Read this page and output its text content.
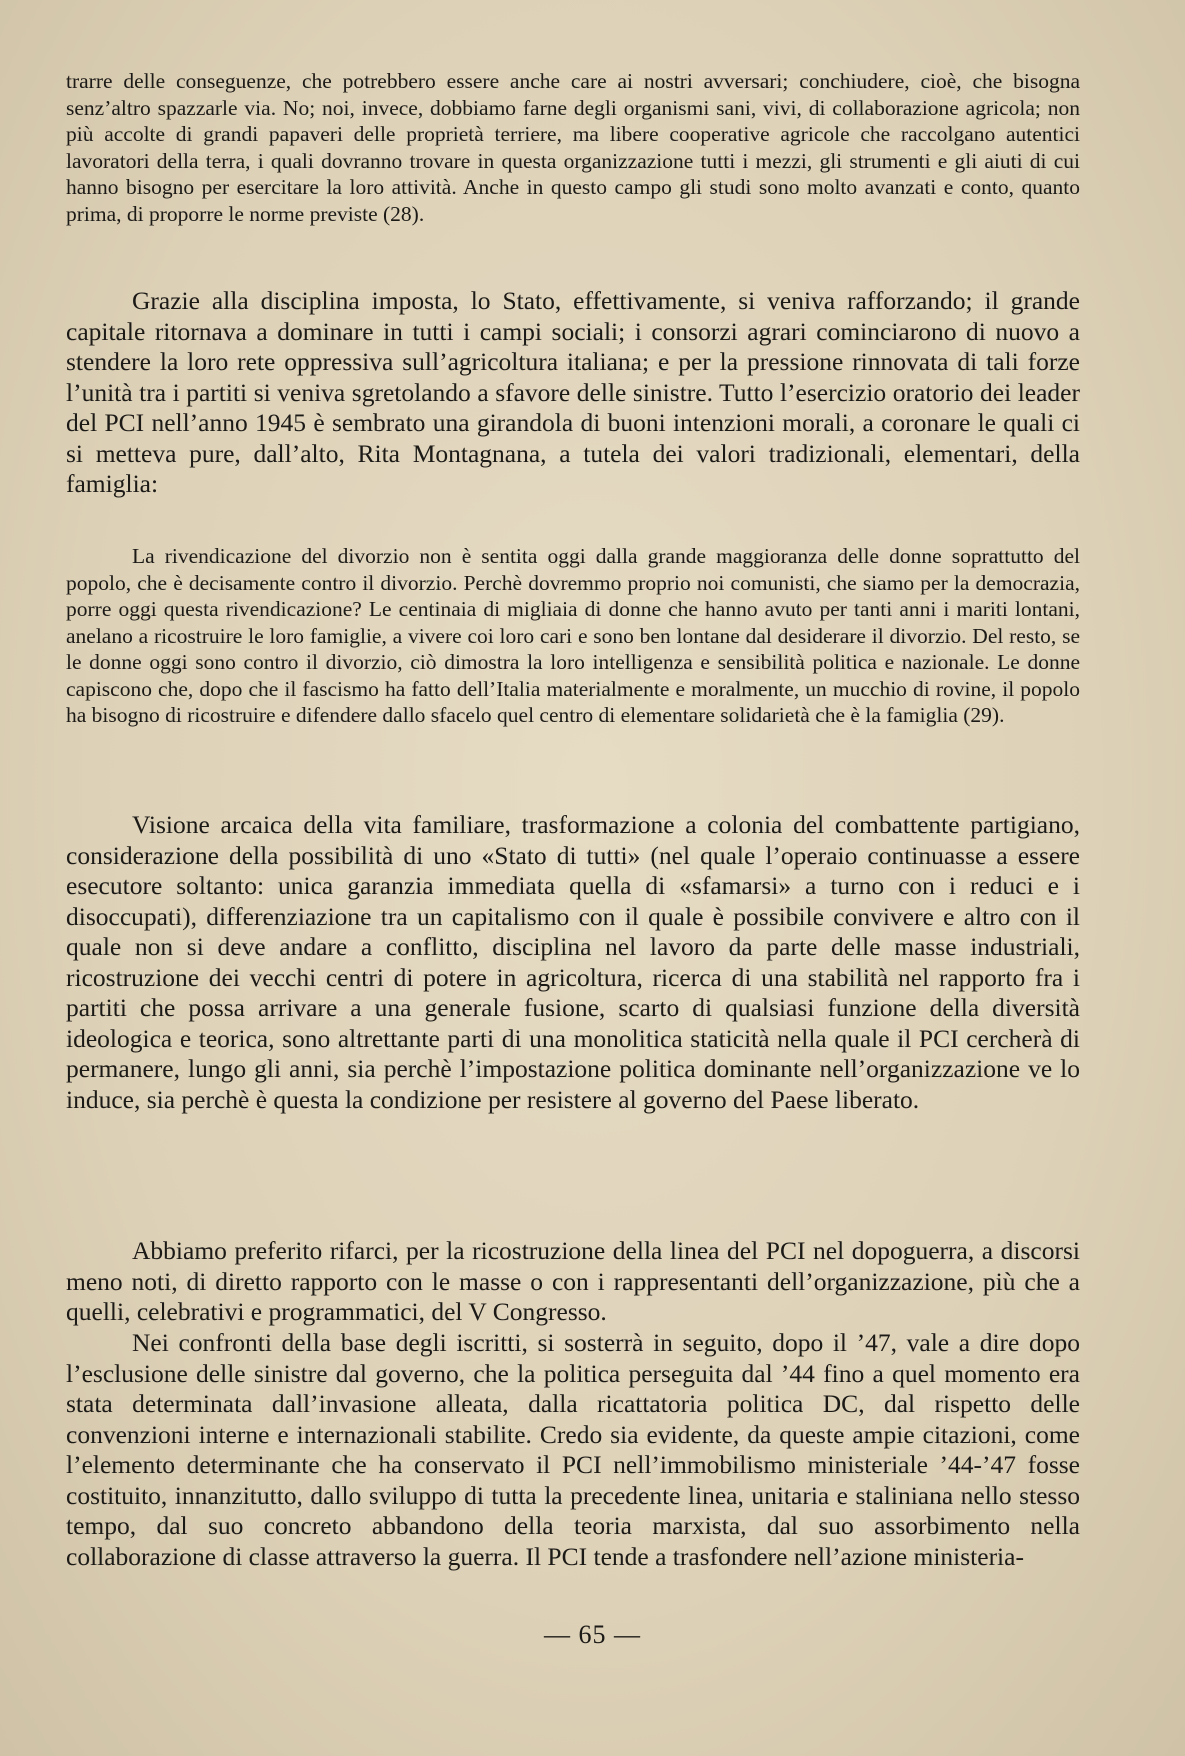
trarre delle conseguenze, che potrebbero essere anche care ai nostri avversari; conchiudere, cioè, che bisogna senz’altro spazzarle via. No; noi, invece, dobbiamo farne degli organismi sani, vivi, di collaborazione agricola; non più accolte di grandi papaveri delle proprietà terriere, ma libere cooperative agricole che raccolgano autentici lavoratori della terra, i quali dovranno trovare in questa organizzazione tutti i mezzi, gli strumenti e gli aiuti di cui hanno bisogno per esercitare la loro attività. Anche in questo campo gli studi sono molto avanzati e conto, quanto prima, di proporre le norme previste (28).

Grazie alla disciplina imposta, lo Stato, effettivamente, si veniva rafforzando; il grande capitale ritornava a dominare in tutti i campi sociali; i consorzi agrari cominciarono di nuovo a stendere la loro rete oppressiva sull’agricoltura italiana; e per la pressione rinnovata di tali forze l’unità tra i partiti si veniva sgretolando a sfavore delle sinistre. Tutto l’esercizio oratorio dei leader del PCI nell’anno 1945 è sembrato una girandola di buoni intenzioni morali, a coronare le quali ci si metteva pure, dall’alto, Rita Montagnana, a tutela dei valori tradizionali, elementari, della famiglia:

La rivendicazione del divorzio non è sentita oggi dalla grande maggioranza delle donne soprattutto del popolo, che è decisamente contro il divorzio. Perchè dovremmo proprio noi comunisti, che siamo per la democrazia, porre oggi questa rivendicazione? Le centinaia di migliaia di donne che hanno avuto per tanti anni i mariti lontani, anelano a ricostruire le loro famiglie, a vivere coi loro cari e sono ben lontane dal desiderare il divorzio. Del resto, se le donne oggi sono contro il divorzio, ciò dimostra la loro intelligenza e sensibilità politica e nazionale. Le donne capiscono che, dopo che il fascismo ha fatto dell’Italia materialmente e moralmente, un mucchio di rovine, il popolo ha bisogno di ricostruire e difendere dallo sfacelo quel centro di elementare solidarietà che è la famiglia (29).

Visione arcaica della vita familiare, trasformazione a colonia del combattente partigiano, considerazione della possibilità di uno «Stato di tutti» (nel quale l’operaio continuasse a essere esecutore soltanto: unica garanzia immediata quella di «sfamarsi» a turno con i reduci e i disoccupati), differenziazione tra un capitalismo con il quale è possibile convivere e altro con il quale non si deve andare a conflitto, disciplina nel lavoro da parte delle masse industriali, ricostruzione dei vecchi centri di potere in agricoltura, ricerca di una stabilità nel rapporto fra i partiti che possa arrivare a una generale fusione, scarto di qualsiasi funzione della diversità ideologica e teorica, sono altrettante parti di una monolitica staticità nella quale il PCI cercherà di permanere, lungo gli anni, sia perchè l’impostazione politica dominante nell’organizzazione ve lo induce, sia perchè è questa la condizione per resistere al governo del Paese liberato.

Abbiamo preferito rifarci, per la ricostruzione della linea del PCI nel dopoguerra, a discorsi meno noti, di diretto rapporto con le masse o con i rappresentanti dell’organizzazione, più che a quelli, celebrativi e programmatici, del V Congresso.

Nei confronti della base degli iscritti, si sosterrà in seguito, dopo il ’47, vale a dire dopo l’esclusione delle sinistre dal governo, che la politica perseguita dal ’44 fino a quel momento era stata determinata dall’invasione alleata, dalla ricattatoria politica DC, dal rispetto delle convenzioni interne e internazionali stabilite. Credo sia evidente, da queste ampie citazioni, come l’elemento determinante che ha conservato il PCI nell’immobilismo ministeriale ’44-’47 fosse costituito, innanzitutto, dallo sviluppo di tutta la precedente linea, unitaria e staliniana nello stesso tempo, dal suo concreto abbandono della teoria marxista, dal suo assorbimento nella collaborazione di classe attraverso la guerra. Il PCI tende a trasfondere nell’azione ministeria-

— 65 —
